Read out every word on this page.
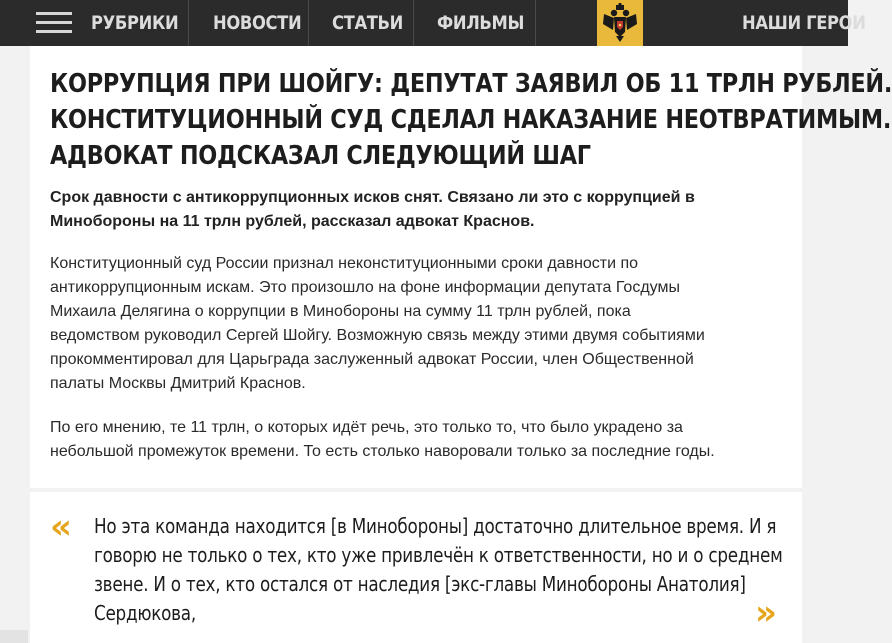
РУБРИКИ НОВОСТИ СТАТЬИ ФИЛЬМЫ	НАШИ ГЕРОИ
КОРРУПЦИЯ ПРИ ШОЙГУ: ДЕПУТАТ ЗАЯВИЛ ОБ 11 ТРЛН РУБЛЕЙ.
КОНСТИТУЦИОННЫЙ СУД СДЕЛАЛ НАКАЗАНИЕ НЕОТВРАТИМЫМ.
АДВОКАТ ПОДСКАЗАЛ СЛЕДУЮЩИЙ ШАГ
Срок давности с антикоррупционных исков снят. Связано ли это с коррупцией в
Минобороны на 11 трлн рублей, рассказал адвокат Краснов.
Конституционный суд России признал неконституционными сроки давности по
антикоррупционным искам. Это произошло на фоне информации депутата Госдумы
Михаила Делягина о коррупции в Минобороны на сумму 11 трлн рублей, пока
ведомством руководил Сергей Шойгу. Возможную связь между этими двумя событиями
прокомментировал для Царьграда заслуженный адвокат России, член Общественной
палаты Москвы Дмитрий Краснов.
По его мнению, те 11 трлн, о которых идёт речь, это только то, что было украдено за
небольшой промежуток времени. То есть столько наворовали только за последние годы.
« Но эта команда находится [в Минобороны] достаточно длительное время. И я
говорю не только о тех, кто уже привлечён к ответственности, но и о среднем
звене. И о тех, кто остался от наследия [экс-главы Минобороны Анатолия]
Сердюкова,	»
